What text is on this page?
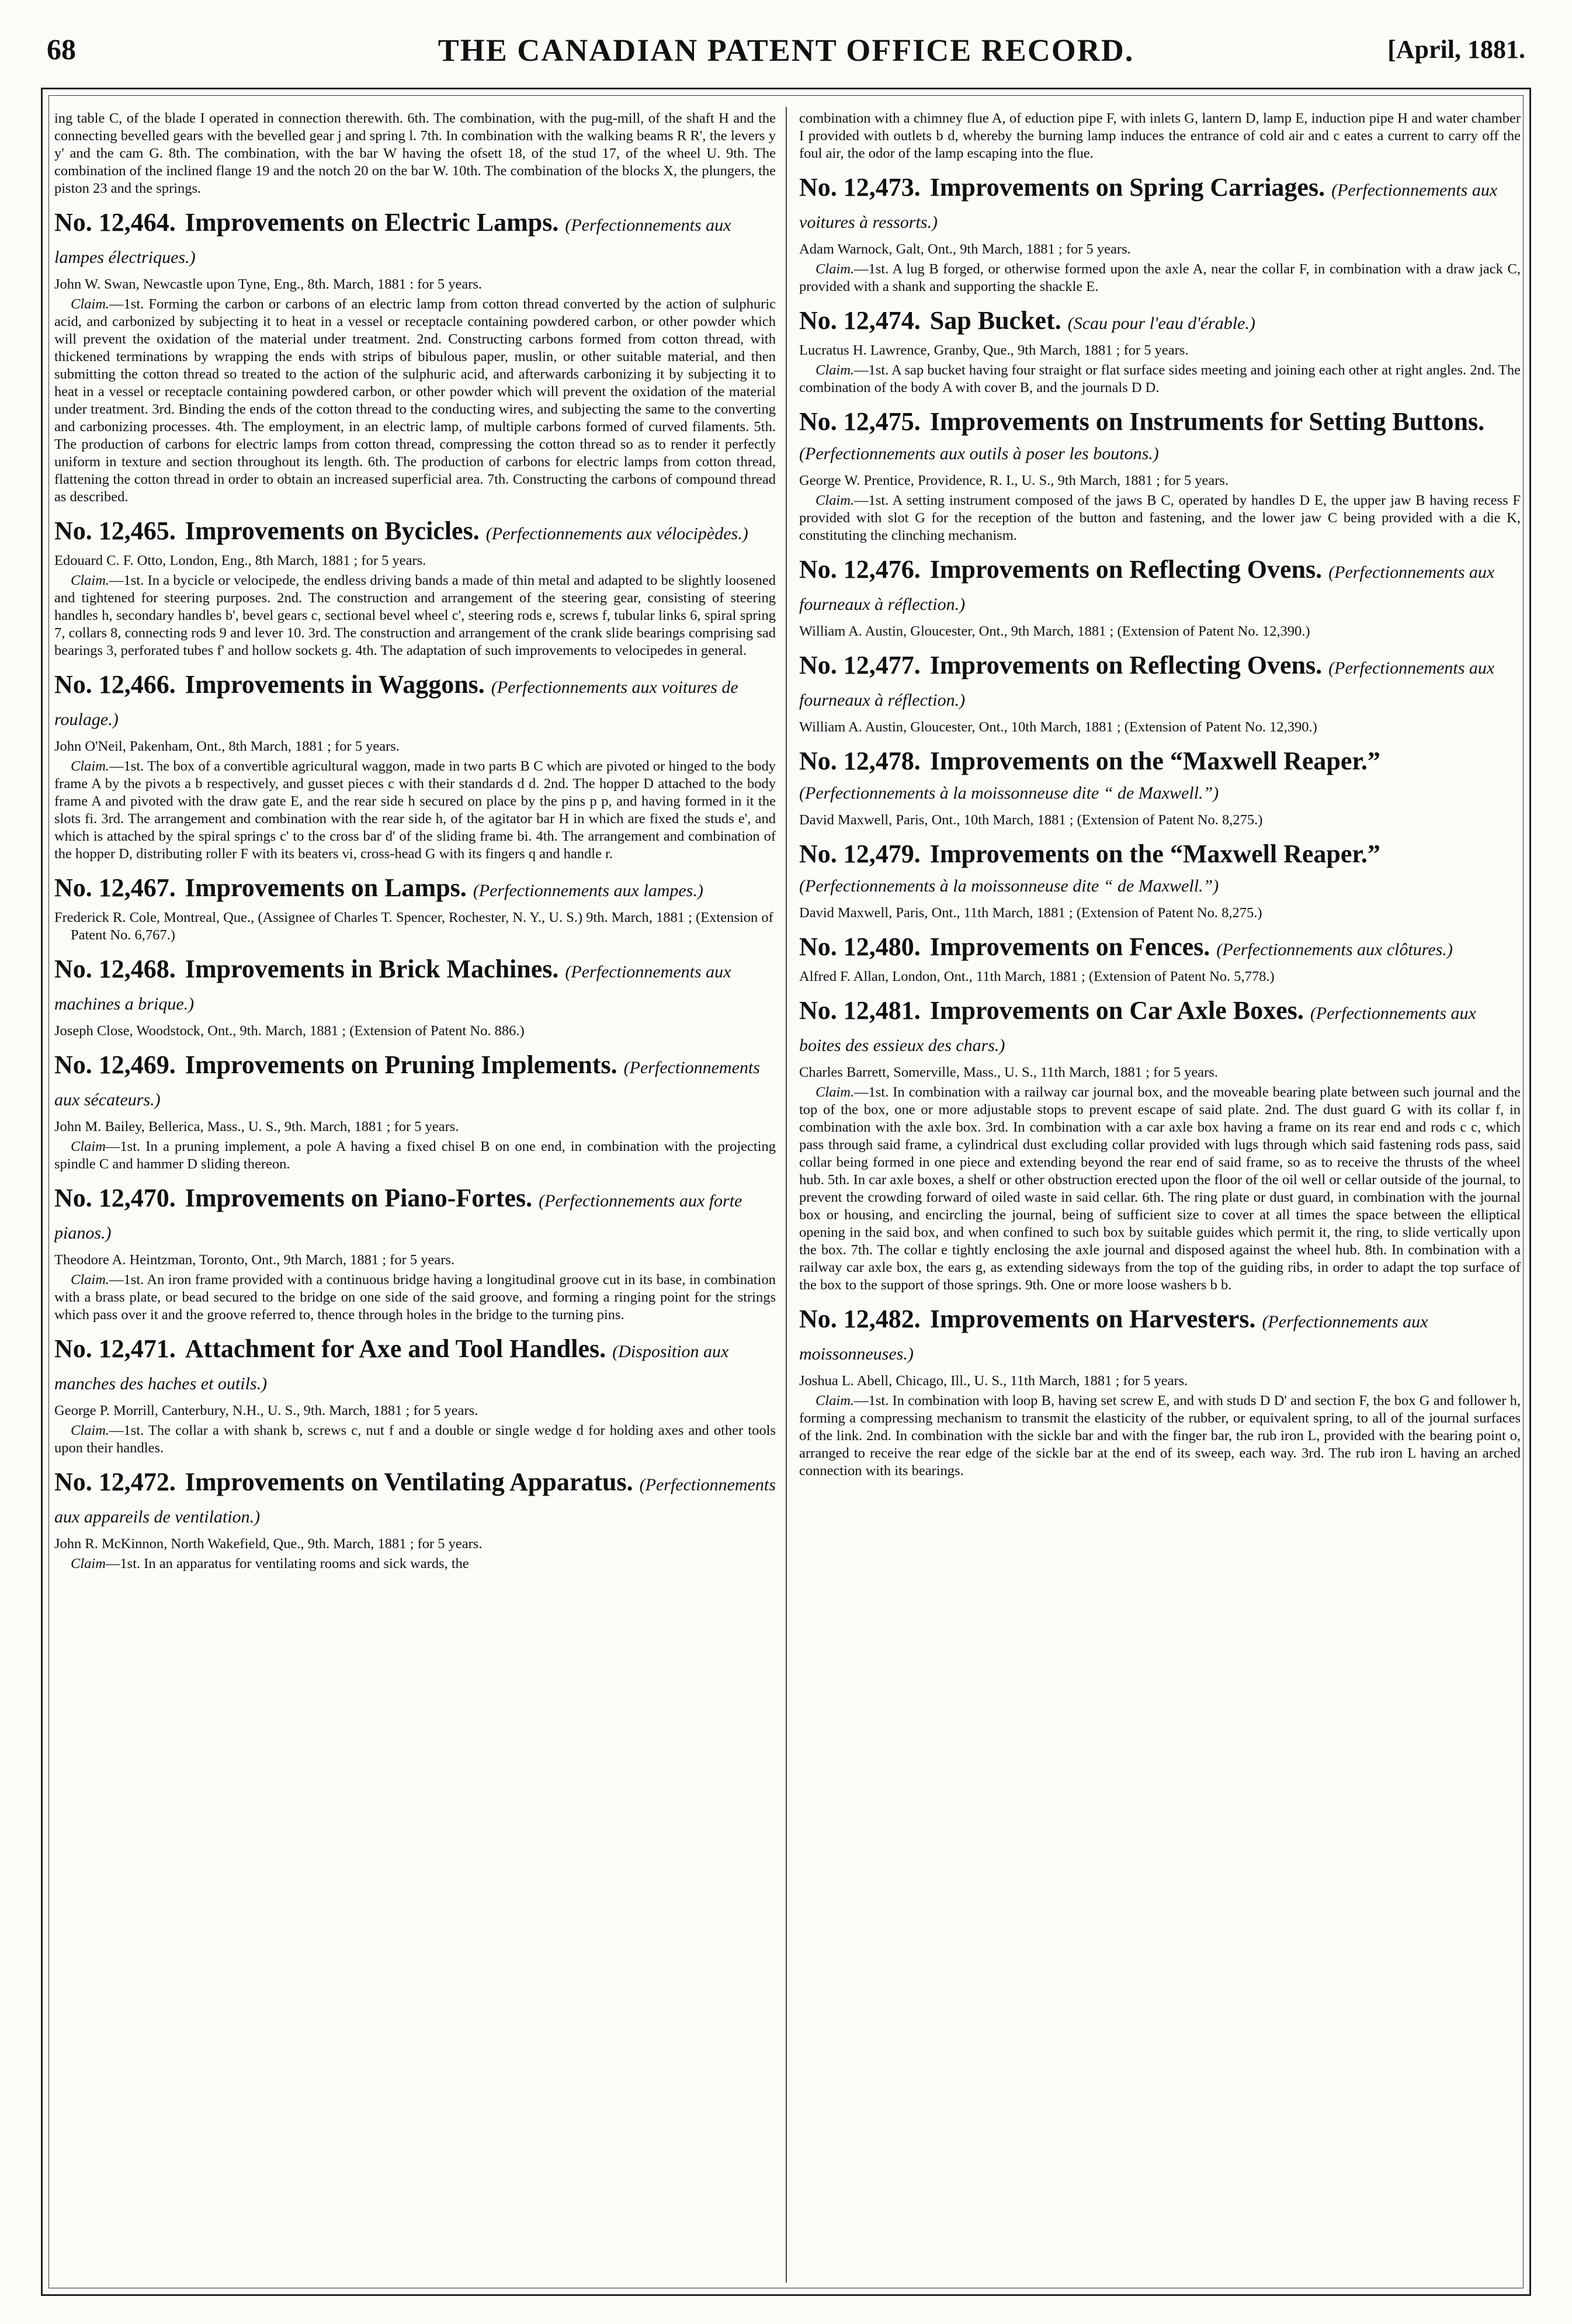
68	THE CANADIAN PATENT OFFICE RECORD.	[April, 1881.

ing table C, of the blade I operated in connection therewith. 6th. The combination, with the pug-mill, of the shaft H and the connecting bevelled gears with the bevelled gear j and spring l. 7th. In combination with the walking beams R R', the levers y y' and the cam G. 8th. The combination, with the bar W having the ofsett 18, of the stud 17, of the wheel U. 9th. The combination of the inclined flange 19 and the notch 20 on the bar W. 10th. The combination of the blocks X, the plungers, the piston 23 and the springs.

No. 12,464. Improvements on Electric Lamps. (Perfectionnements aux lampes électriques.)

John W. Swan, Newcastle upon Tyne, Eng., 8th. March, 1881 : for 5 years.

Claim.—1st. Forming the carbon or carbons of an electric lamp from cotton thread converted by the action of sulphuric acid, and carbonized by subjecting it to heat in a vessel or receptacle containing powdered carbon, or other powder which will prevent the oxidation of the material under treatment. 2nd. Constructing carbons formed from cotton thread, with thickened terminations by wrapping the ends with strips of bibulous paper, muslin, or other suitable material, and then submitting the cotton thread so treated to the action of the sulphuric acid, and afterwards carbonizing it by subjecting it to heat in a vessel or receptacle containing powdered carbon, or other powder which will prevent the oxidation of the material under treatment. 3rd. Binding the ends of the cotton thread to the conducting wires, and subjecting the same to the converting and carbonizing processes. 4th. The employment, in an electric lamp, of multiple carbons formed of curved filaments. 5th. The production of carbons for electric lamps from cotton thread, compressing the cotton thread so as to render it perfectly uniform in texture and section throughout its length. 6th. The production of carbons for electric lamps from cotton thread, flattening the cotton thread in order to obtain an increased superficial area. 7th. Constructing the carbons of compound thread as described.

No. 12,465. Improvements on Bycicles. (Perfectionnements aux vélocipèdes.)

Edouard C. F. Otto, London, Eng., 8th March, 1881 ; for 5 years.

Claim.—1st. In a bycicle or velocipede, the endless driving bands a made of thin metal and adapted to be slightly loosened and tightened for steering purposes. 2nd. The construction and arrangement of the steering gear, consisting of steering handles h, secondary handles b', bevel gears c, sectional bevel wheel c', steering rods e, screws f, tubular links 6, spiral spring 7, collars 8, connecting rods 9 and lever 10. 3rd. The construction and arrangement of the crank slide bearings comprising sad bearings 3, perforated tubes f' and hollow sockets g. 4th. The adaptation of such improvements to velocipedes in general.

No. 12,466. Improvements in Waggons. (Perfectionnements aux voitures de roulage.)

John O'Neil, Pakenham, Ont., 8th March, 1881 ; for 5 years.

Claim.—1st. The box of a convertible agricultural waggon, made in two parts B C which are pivoted or hinged to the body frame A by the pivots a b respectively, and gusset pieces c with their standards d d. 2nd. The hopper D attached to the body frame A and pivoted with the draw gate E, and the rear side h secured on place by the pins p p, and having formed in it the slots fi. 3rd. The arrangement and combination with the rear side h, of the agitator bar H in which are fixed the studs e', and which is attached by the spiral springs c' to the cross bar d' of the sliding frame bi. 4th. The arrangement and combination of the hopper D, distributing roller F with its beaters vi, cross-head G with its fingers q and handle r.

No. 12,467. Improvements on Lamps. (Perfectionnements aux lampes.)

Frederick R. Cole, Montreal, Que., (Assignee of Charles T. Spencer, Rochester, N. Y., U. S.) 9th. March, 1881 ; (Extension of Patent No. 6,767.)

No. 12,468. Improvements in Brick Machines. (Perfectionnements aux machines a brique.)

Joseph Close, Woodstock, Ont., 9th. March, 1881 ; (Extension of Patent No. 886.)

No. 12,469. Improvements on Pruning Implements. (Perfectionnements aux sécateurs.)

John M. Bailey, Bellerica, Mass., U. S., 9th. March, 1881 ; for 5 years.

Claim—1st. In a pruning implement, a pole A having a fixed chisel B on one end, in combination with the projecting spindle C and hammer D sliding thereon.

No. 12,470. Improvements on Piano-Fortes. (Perfectionnements aux forte pianos.)

Theodore A. Heintzman, Toronto, Ont., 9th March, 1881 ; for 5 years.

Claim.—1st. An iron frame provided with a continuous bridge having a longitudinal groove cut in its base, in combination with a brass plate, or bead secured to the bridge on one side of the said groove, and forming a ringing point for the strings which pass over it and the groove referred to, thence through holes in the bridge to the turning pins.

No. 12,471. Attachment for Axe and Tool Handles. (Disposition aux manches des haches et outils.)

George P. Morrill, Canterbury, N.H., U. S., 9th. March, 1881 ; for 5 years.

Claim.—1st. The collar a with shank b, screws c, nut f and a double or single wedge d for holding axes and other tools upon their handles.

No. 12,472. Improvements on Ventilating Apparatus. (Perfectionnements aux appareils de ventilation.)

John R. McKinnon, North Wakefield, Que., 9th. March, 1881 ; for 5 years.

Claim—1st. In an apparatus for ventilating rooms and sick wards, the

combination with a chimney flue A, of eduction pipe F, with inlets G, lantern D, lamp E, induction pipe H and water chamber I provided with outlets b d, whereby the burning lamp induces the entrance of cold air and c eates a current to carry off the foul air, the odor of the lamp escaping into the flue.

No. 12,473. Improvements on Spring Carriages. (Perfectionnements aux voitures à ressorts.)

Adam Warnock, Galt, Ont., 9th March, 1881 ; for 5 years.

Claim.—1st. A lug B forged, or otherwise formed upon the axle A, near the collar F, in combination with a draw jack C, provided with a shank and supporting the shackle E.

No. 12,474. Sap Bucket. (Scau pour l'eau d'érable.)

Lucratus H. Lawrence, Granby, Que., 9th March, 1881 ; for 5 years.

Claim.—1st. A sap bucket having four straight or flat surface sides meeting and joining each other at right angles. 2nd. The combination of the body A with cover B, and the journals D D.

No. 12,475. Improvements on Instruments for Setting Buttons. (Perfectionnements aux outils à poser les boutons.)

George W. Prentice, Providence, R. I., U. S., 9th March, 1881 ; for 5 years.

Claim.—1st. A setting instrument composed of the jaws B C, operated by handles D E, the upper jaw B having recess F provided with slot G for the reception of the button and fastening, and the lower jaw C being provided with a die K, constituting the clinching mechanism.

No. 12,476. Improvements on Reflecting Ovens. (Perfectionnements aux fourneaux à réflection.)

William A. Austin, Gloucester, Ont., 9th March, 1881 ; (Extension of Patent No. 12,390.)

No. 12,477. Improvements on Reflecting Ovens. (Perfectionnements aux fourneaux à réflection.)

William A. Austin, Gloucester, Ont., 10th March, 1881 ; (Extension of Patent No. 12,390.)

No. 12,478. Improvements on the “Maxwell Reaper.” (Perfectionnements à la moissonneuse dite “ de Maxwell.”)

David Maxwell, Paris, Ont., 10th March, 1881 ; (Extension of Patent No. 8,275.)

No. 12,479. Improvements on the “Maxwell Reaper.” (Perfectionnements à la moissonneuse dite “ de Maxwell.”)

David Maxwell, Paris, Ont., 11th March, 1881 ; (Extension of Patent No. 8,275.)

No. 12,480. Improvements on Fences. (Perfectionnements aux clôtures.)

Alfred F. Allan, London, Ont., 11th March, 1881 ; (Extension of Patent No. 5,778.)

No. 12,481. Improvements on Car Axle Boxes. (Perfectionnements aux boites des essieux des chars.)

Charles Barrett, Somerville, Mass., U. S., 11th March, 1881 ; for 5 years.

Claim.—1st. In combination with a railway car journal box, and the moveable bearing plate between such journal and the top of the box, one or more adjustable stops to prevent escape of said plate. 2nd. The dust guard G with its collar f, in combination with the axle box. 3rd. In combination with a car axle box having a frame on its rear end and rods c c, which pass through said frame, a cylindrical dust excluding collar provided with lugs through which said fastening rods pass, said collar being formed in one piece and extending beyond the rear end of said frame, so as to receive the thrusts of the wheel hub. 5th. In car axle boxes, a shelf or other obstruction erected upon the floor of the oil well or cellar outside of the journal, to prevent the crowding forward of oiled waste in said cellar. 6th. The ring plate or dust guard, in combination with the journal box or housing, and encircling the journal, being of sufficient size to cover at all times the space between the elliptical opening in the said box, and when confined to such box by suitable guides which permit it, the ring, to slide vertically upon the box. 7th. The collar e tightly enclosing the axle journal and disposed against the wheel hub. 8th. In combination with a railway car axle box, the ears g, as extending sideways from the top of the guiding ribs, in order to adapt the top surface of the box to the support of those springs. 9th. One or more loose washers b b.

No. 12,482. Improvements on Harvesters. (Perfectionnements aux moissonneuses.)

Joshua L. Abell, Chicago, Ill., U. S., 11th March, 1881 ; for 5 years.

Claim.—1st. In combination with loop B, having set screw E, and with studs D D' and section F, the box G and follower h, forming a compressing mechanism to transmit the elasticity of the rubber, or equivalent spring, to all of the journal surfaces of the link. 2nd. In combination with the sickle bar and with the finger bar, the rub iron L, provided with the bearing point o, arranged to receive the rear edge of the sickle bar at the end of its sweep, each way. 3rd. The rub iron L having an arched connection with its bearings.
